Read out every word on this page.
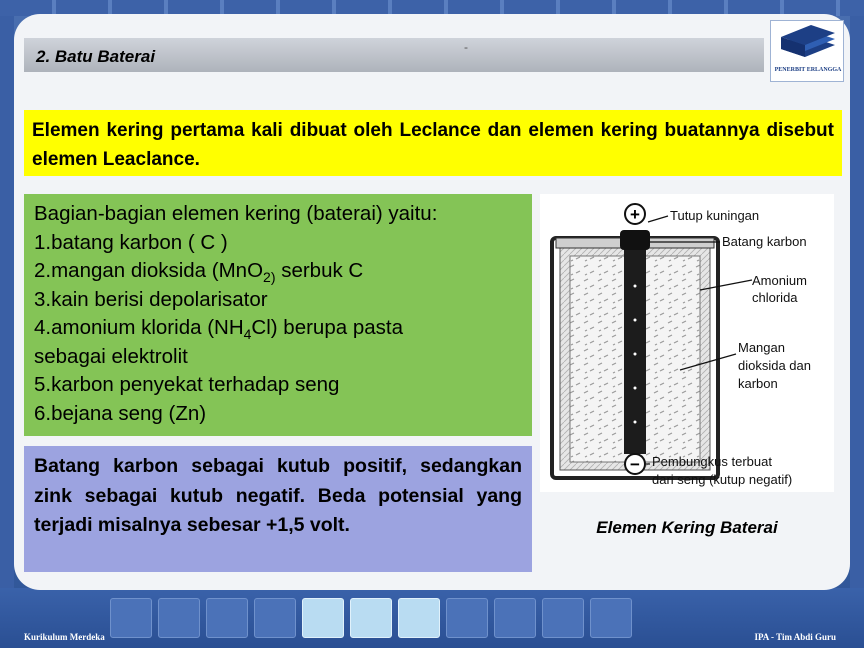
2. Batu Baterai	-
PENERBIT ERLANGGA
Elemen kering pertama kali dibuat oleh Leclance dan elemen kering buatannya disebut elemen Leaclance.
Bagian-bagian elemen kering (baterai) yaitu:
1.batang karbon ( C )
2.mangan dioksida (MnO$_{2)}$ serbuk C
3.kain berisi depolarisator
4.amonium klorida $(NH_4Cl)$ berupa pasta
sebagai elektrolit
5.karbon penyekat terhadap seng
6.bejana seng (Zn)
Batang karbon sebagai kutub positif, sedangkan zink sebagai kutub negatif. Beda potensial yang terjadi misalnya sebesar +1,5 volt.
+
−
Tutup kuningan
Batang karbon
Amonium
chlorida
Mangan
dioksida dan
karbon
Pembungkus terbuat
dari seng (kutup negatif)
Elemen Kering Baterai
Kurikulum Merdeka	IPA - Tim Abdi Guru
